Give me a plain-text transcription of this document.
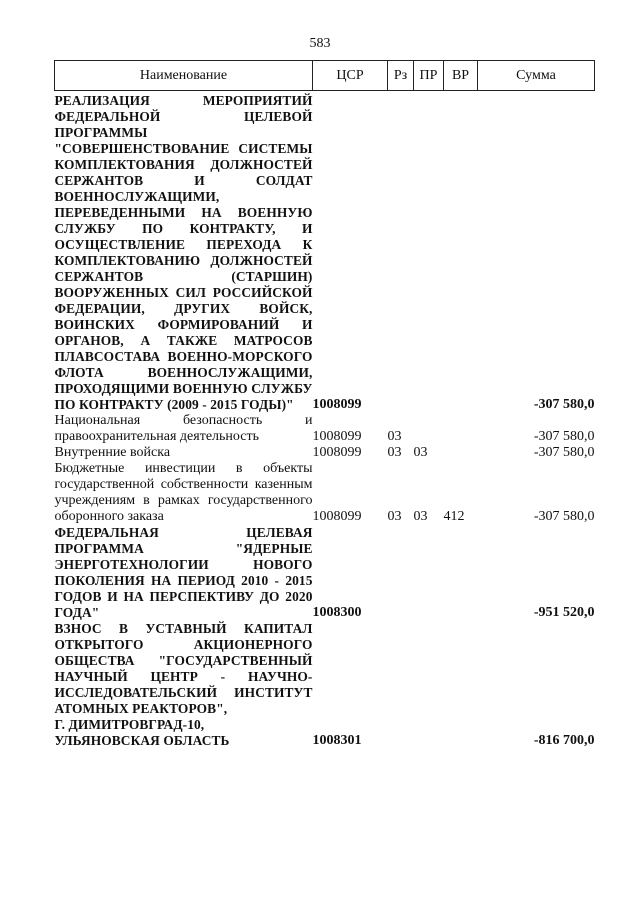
583
Наименование	ЦСР	Рз	ПР	ВР	Сумма
РЕАЛИЗАЦИЯ МЕРОПРИЯТИЙ ФЕДЕРАЛЬНОЙ ЦЕЛЕВОЙ ПРОГРАММЫ "СОВЕРШЕНСТВОВАНИЕ СИСТЕМЫ КОМПЛЕКТОВАНИЯ ДОЛЖНОСТЕЙ СЕРЖАНТОВ И СОЛДАТ ВОЕННОСЛУЖАЩИМИ, ПЕРЕВЕДЕННЫМИ НА ВОЕННУЮ СЛУЖБУ ПО КОНТРАКТУ, И ОСУЩЕСТВЛЕНИЕ ПЕРЕХОДА К КОМПЛЕКТОВАНИЮ ДОЛЖНОСТЕЙ СЕРЖАНТОВ (СТАРШИН) ВООРУЖЕННЫХ СИЛ РОССИЙСКОЙ ФЕДЕРАЦИИ, ДРУГИХ ВОЙСК, ВОИНСКИХ ФОРМИРОВАНИЙ И ОРГАНОВ, А ТАКЖЕ МАТРОСОВ ПЛАВСОСТАВА ВОЕННО-МОРСКОГО ФЛОТА ВОЕННОСЛУЖАЩИМИ, ПРОХОДЯЩИМИ ВОЕННУЮ СЛУЖБУ ПО КОНТРАКТУ (2009 - 2015 ГОДЫ)"	1008099				-307 580,0
Национальная безопасность и правоохранительная деятельность	1008099	03			-307 580,0
Внутренние войска	1008099	03	03		-307 580,0
Бюджетные инвестиции в объекты государственной собственности казенным учреждениям в рамках государственного оборонного заказа	1008099	03	03	412	-307 580,0
ФЕДЕРАЛЬНАЯ ЦЕЛЕВАЯ ПРОГРАММА "ЯДЕРНЫЕ ЭНЕРГОТЕХНОЛОГИИ НОВОГО ПОКОЛЕНИЯ НА ПЕРИОД 2010 - 2015 ГОДОВ И НА ПЕРСПЕКТИВУ ДО 2020 ГОДА"	1008300				-951 520,0
ВЗНОС В УСТАВНЫЙ КАПИТАЛ ОТКРЫТОГО АКЦИОНЕРНОГО ОБЩЕСТВА "ГОСУДАРСТВЕННЫЙ НАУЧНЫЙ ЦЕНТР - НАУЧНО-ИССЛЕДОВАТЕЛЬСКИЙ ИНСТИТУТ АТОМНЫХ РЕАКТОРОВ",
Г. ДИМИТРОВГРАД-10,
УЛЬЯНОВСКАЯ ОБЛАСТЬ	1008301				-816 700,0
